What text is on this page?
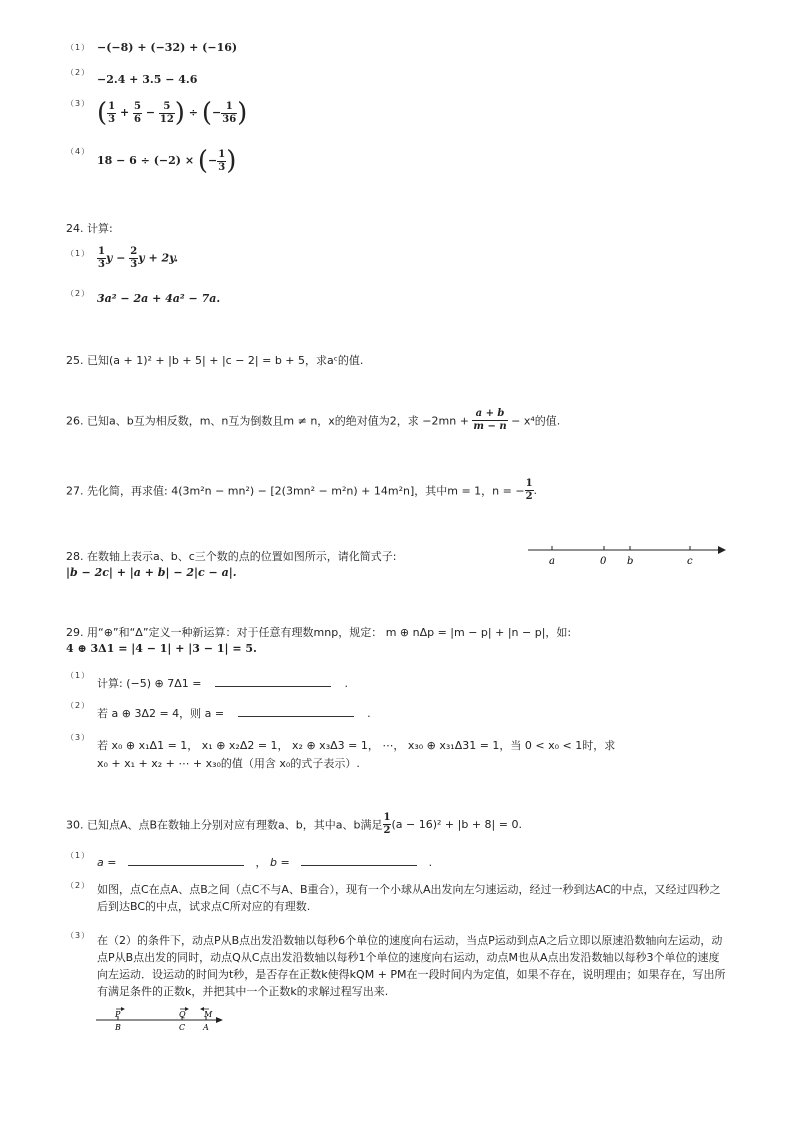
（1） −(−8) + (−32) + (−16)
（2）
−2.4 + 3.5 − 4.6
（3） ( $\frac{1}{3} + \frac{5}{6} - \frac{5}{12}$ ) ÷ (− $\frac{1}{36}$ )
（4）
18 − 6 ÷ (−2) × (− $\frac{1}{3}$ )
24. 计算:
$(1) \frac{1}{3}$ $y - \frac{2}{3}$ y + 2y.
（2） 3a² − 2a + 4a² − 7a.
25. 已知(a + 1)² + |b + 5| + |c − 2| = b + 5，求aᶜ的值.
26. 已知a、b互为相反数，m、n互为倒数且m ≠ n，x的绝对值为2，求 $-2mn + \frac{a + b}{m - n} - x^4$的值.
27. 先化简，再求值: 4(3m²n − mn²) − [2(3mn² − m²n) + 14m²n]，其中m = 1，n = − $\frac{1}{2}$ .
28. 在数轴上表示a、b、c三个数的点的位置如图所示，请化简式子:
|b − 2c| + |a + b| − 2|c − a|.
a	0 b	c
29. 用“⊕”和“Δ”定义一种新运算：对于任意有理数mnp，规定： m ⊕ nΔp = |m − p| + |n − p|，如:
4 ⊕ 3Δ1 = |4 − 1| + |3 − 1| = 5.
（1）
计算: (−5) ⊕ 7Δ1 =	.
（2）
若 a ⊕ 3Δ2 = 4，则 a =	.
（3）
若 x₀ ⊕ x₁Δ1 = 1， x₁ ⊕ x₂Δ2 = 1， x₂ ⊕ x₃Δ3 = 1， ⋯， x₃₀ ⊕ x₃₁Δ31 = 1，当 0 < x₀ < 1时，求
x₀ + x₁ + x₂ + ⋯ + x₃₀的值（用含 x₀的式子表示）.
30. 已知点A、点B在数轴上分别对应有理数a、b，其中a、b满足 $\frac{1}{2} (a - 16)^2 + |b + 8| = 0$.
（1）
a =	， b =	.
（2） 如图，点C在点A、点B之间（点C不与A、B重合），现有一个小球从A出发向左匀速运动，经过一秒到达AC的中点，又经过四秒之后到达BC的中点，试求点C所对应的有理数.
（3） 在（2）的条件下，动点P从B点出发沿数轴以每秒6个单位的速度向右运动，当点P运动到点A之后立即以原速沿数轴向左运动，动点P从B点出发的同时，动点Q从C点出发沿数轴以每秒1个单位的速度向右运动，动点M也从A点出发沿数轴以每秒3个单位的速度向左运动．设运动的时间为t秒，是否存在正数k使得kQM + PM在一段时间内为定值，如果不存在，说明理由；如果存在，写出所有满足条件的正数k，并把其中一个正数k的求解过程写出来.
P	Q M
B	C A
